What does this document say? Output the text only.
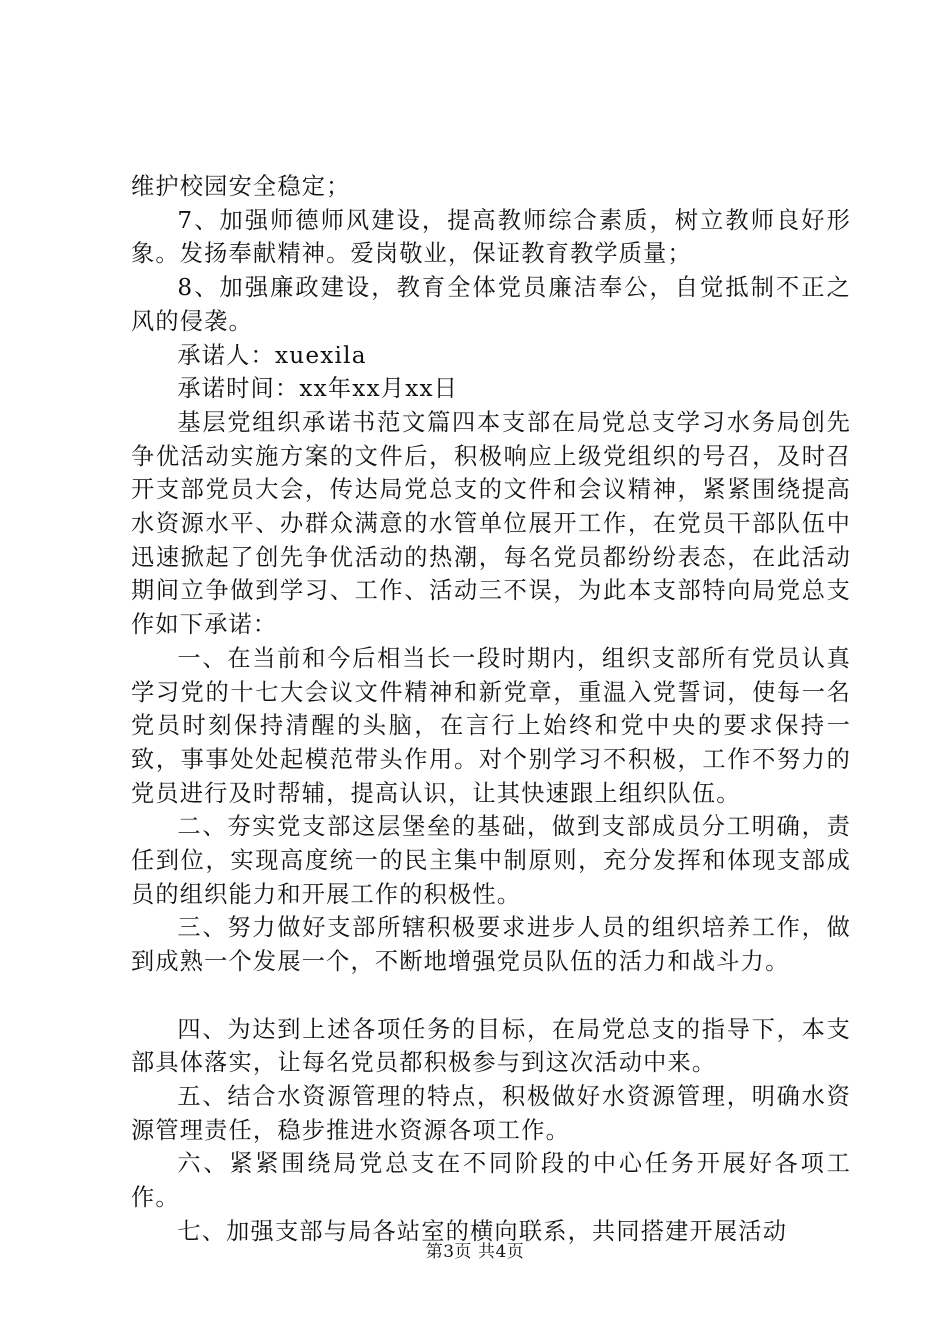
维护校园安全稳定；

7、加强师德师风建设，提高教师综合素质，树立教师良好形象。发扬奉献精神。爱岗敬业，保证教育教学质量；

8、加强廉政建设，教育全体党员廉洁奉公，自觉抵制不正之风的侵袭。

承诺人：xuexila

承诺时间：xx年xx月xx日

基层党组织承诺书范文篇四本支部在局党总支学习水务局创先争优活动实施方案的文件后，积极响应上级党组织的号召，及时召开支部党员大会，传达局党总支的文件和会议精神，紧紧围绕提高水资源水平、办群众满意的水管单位展开工作，在党员干部队伍中迅速掀起了创先争优活动的热潮，每名党员都纷纷表态，在此活动期间立争做到学习、工作、活动三不误，为此本支部特向局党总支作如下承诺：

一、在当前和今后相当长一段时期内，组织支部所有党员认真学习党的十七大会议文件精神和新党章，重温入党誓词，使每一名党员时刻保持清醒的头脑，在言行上始终和党中央的要求保持一致，事事处处起模范带头作用。对个别学习不积极，工作不努力的党员进行及时帮辅，提高认识，让其快速跟上组织队伍。

二、夯实党支部这层堡垒的基础，做到支部成员分工明确，责任到位，实现高度统一的民主集中制原则，充分发挥和体现支部成员的组织能力和开展工作的积极性。

三、努力做好支部所辖积极要求进步人员的组织培养工作，做到成熟一个发展一个，不断地增强党员队伍的活力和战斗力。

四、为达到上述各项任务的目标，在局党总支的指导下，本支部具体落实，让每名党员都积极参与到这次活动中来。

五、结合水资源管理的特点，积极做好水资源管理，明确水资源管理责任，稳步推进水资源各项工作。

六、紧紧围绕局党总支在不同阶段的中心任务开展好各项工作。

七、加强支部与局各站室的横向联系，共同搭建开展活动

第3页 共4页
